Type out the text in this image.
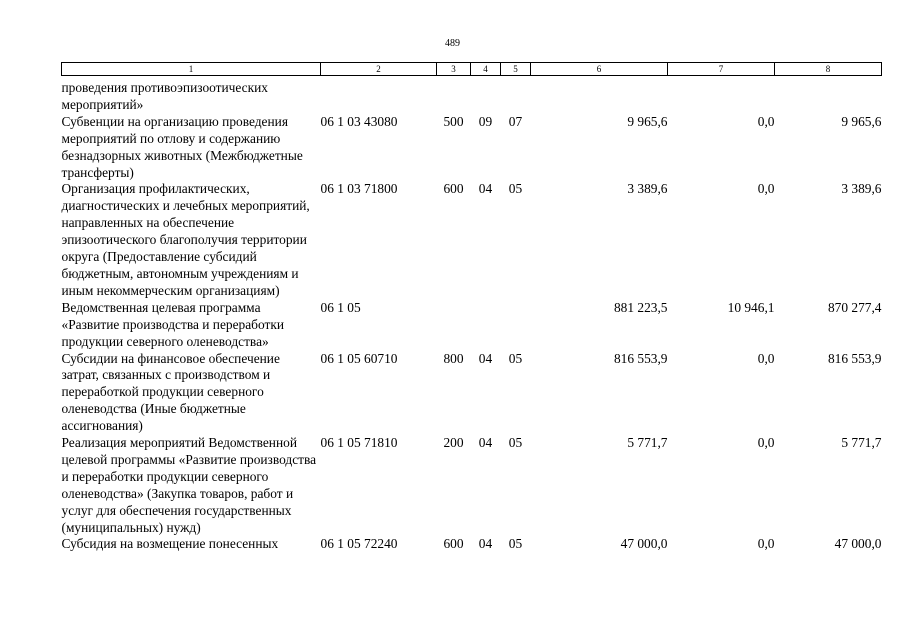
489
1	2	3	4	5	6	7	8
проведения противоэпизоотических мероприятий»							
Субвенции на организацию проведения мероприятий по отлову и содержанию безнадзорных животных (Межбюджетные трансферты)	06 1 03 43080	500	09	07	9 965,6	0,0	9 965,6
Организация профилактических, диагностических и лечебных мероприятий, направленных на обеспечение эпизоотического благополучия территории округа (Предоставление субсидий бюджетным, автономным учреждениям и иным некоммерческим организациям)	06 1 03 71800	600	04	05	3 389,6	0,0	3 389,6
Ведомственная целевая программа «Развитие производства и переработки продукции северного оленеводства»	06 1 05				881 223,5	10 946,1	870 277,4
Субсидии на финансовое обеспечение затрат, связанных с производством и переработкой продукции северного оленеводства (Иные бюджетные ассигнования)	06 1 05 60710	800	04	05	816 553,9	0,0	816 553,9
Реализация мероприятий Ведомственной целевой программы «Развитие производства и переработки продукции северного оленеводства» (Закупка товаров, работ и услуг для обеспечения государственных (муниципальных) нужд)	06 1 05 71810	200	04	05	5 771,7	0,0	5 771,7
Субсидия на возмещение понесенных	06 1 05 72240	600	04	05	47 000,0	0,0	47 000,0
